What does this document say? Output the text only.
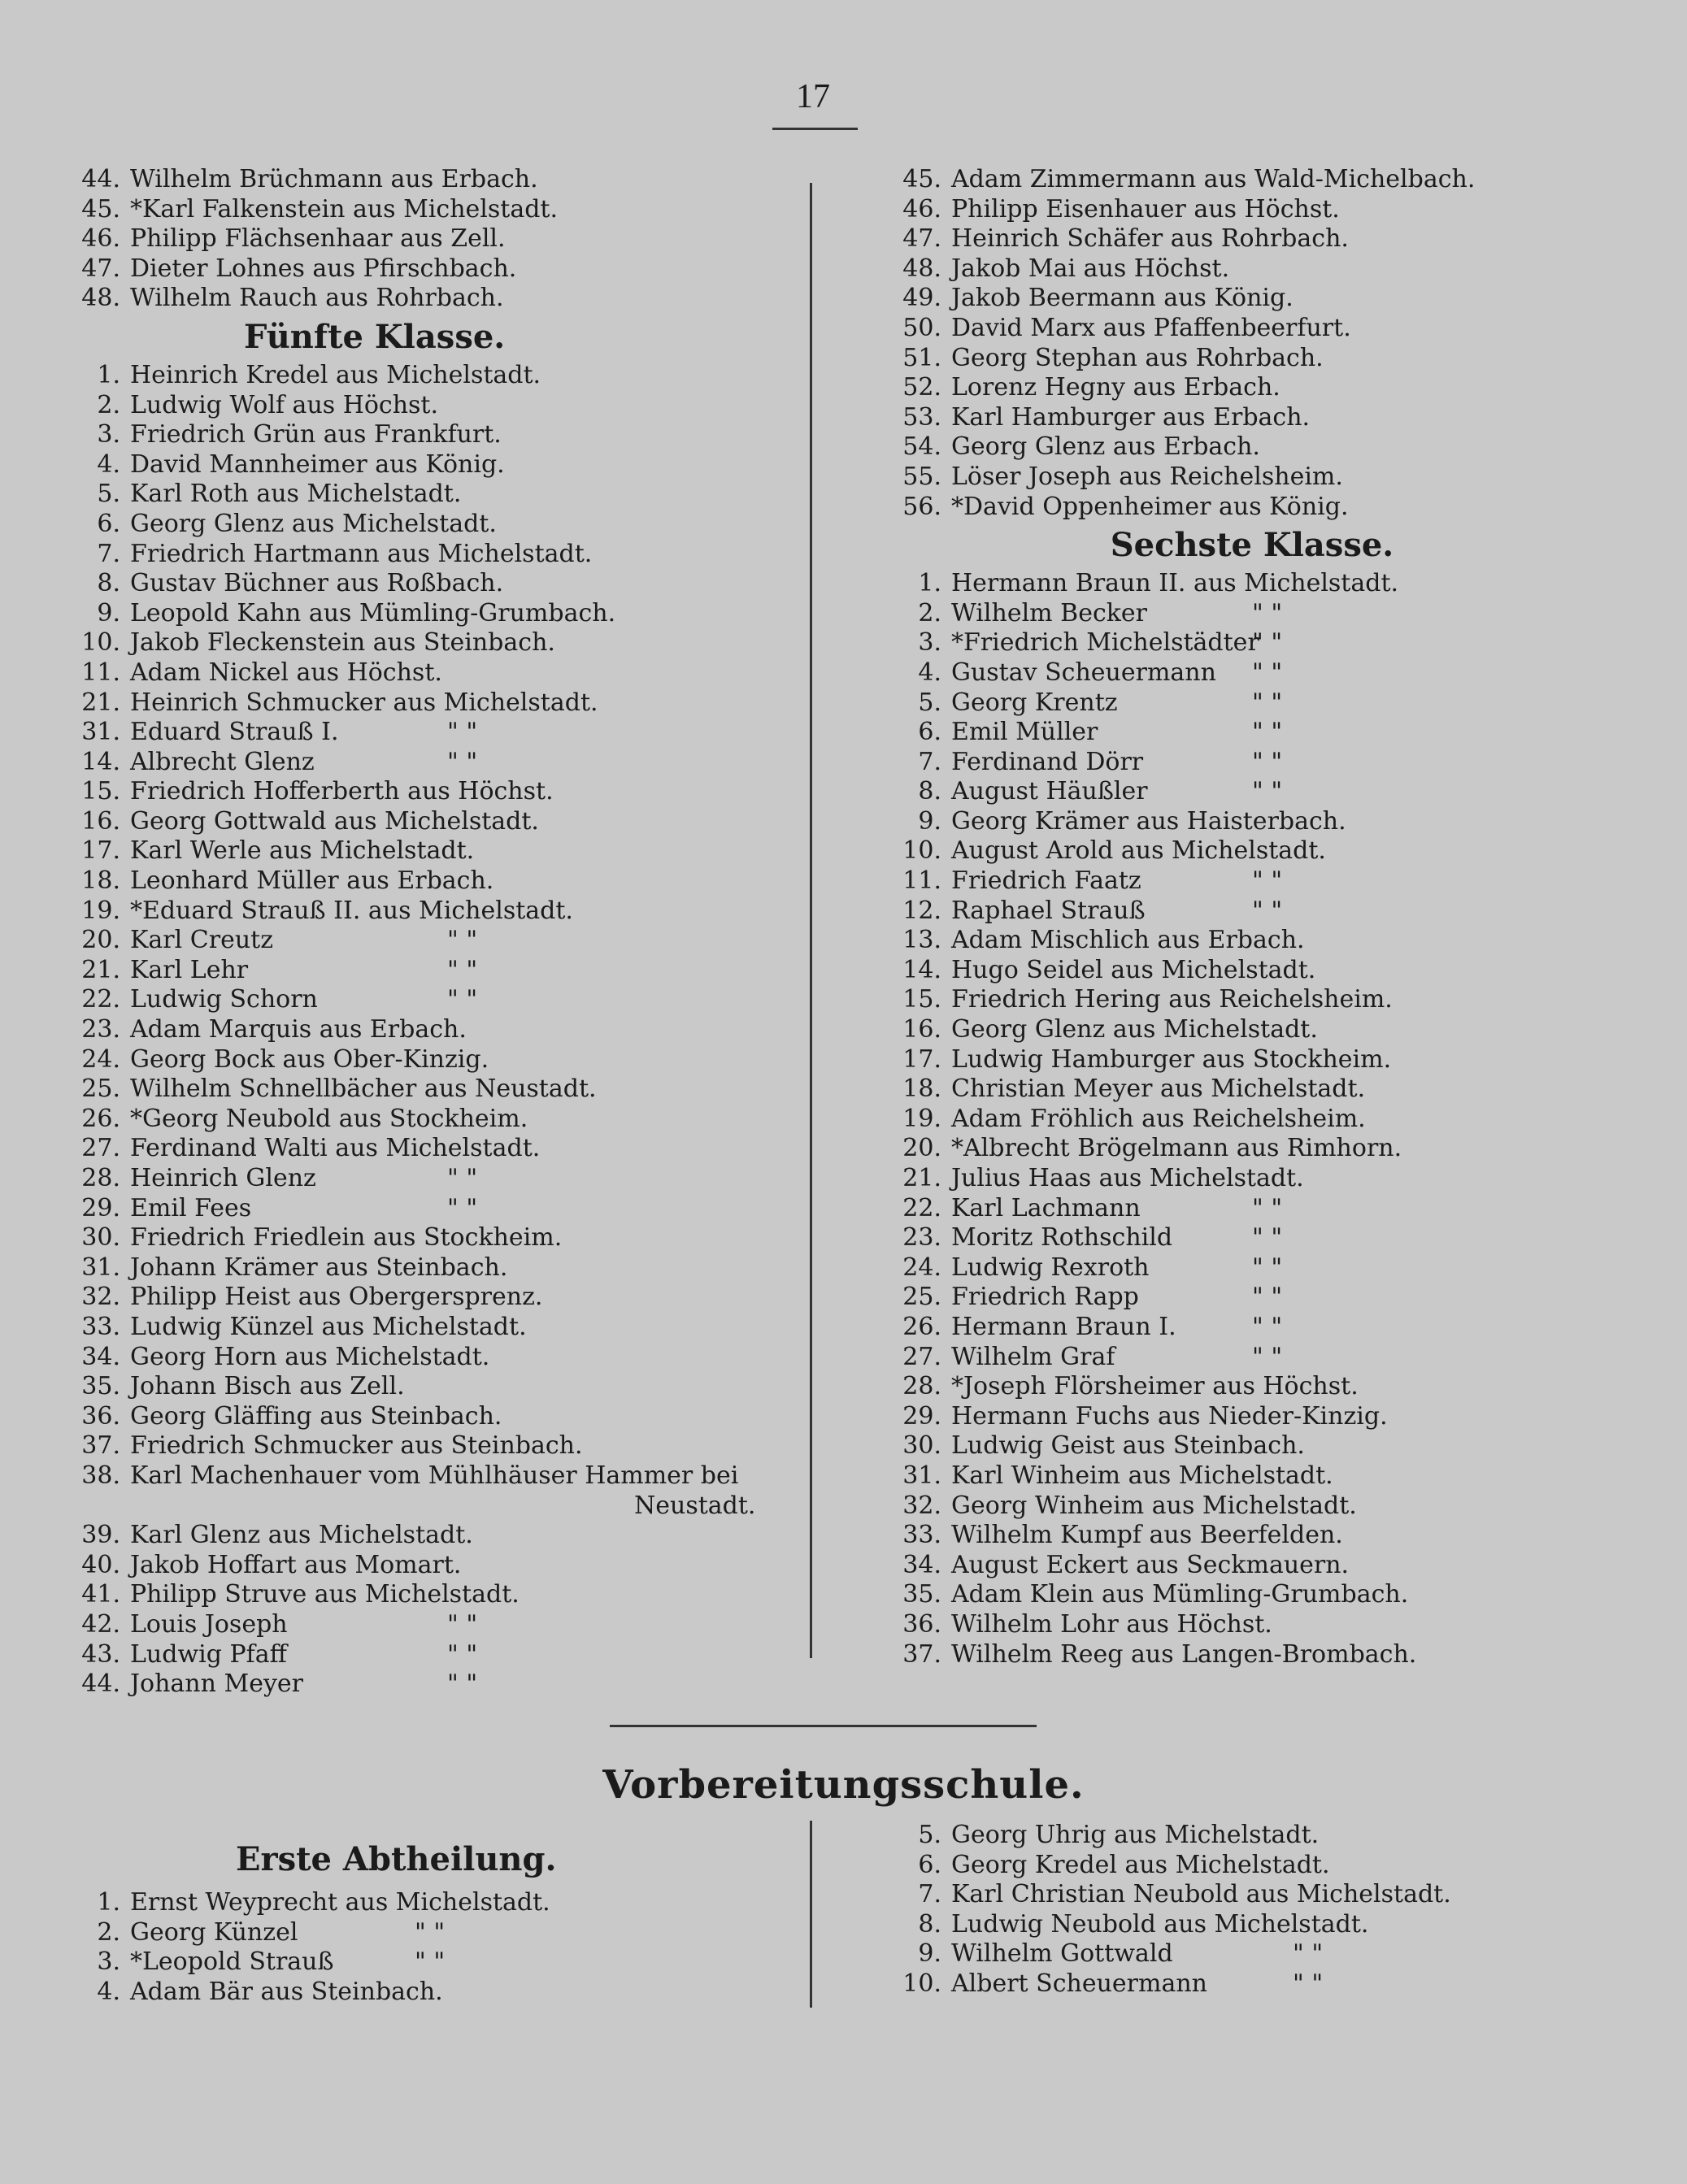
17
44. Wilhelm Brüchmann aus Erbach.
45. *Karl Falkenstein aus Michelstadt.
46. Philipp Flächsenhaar aus Zell.
47. Dieter Lohnes aus Pfirschbach.
48. Wilhelm Rauch aus Rohrbach.
Fünfte Klasse.
1. Heinrich Kredel aus Michelstadt.
2. Ludwig Wolf aus Höchst.
3. Friedrich Grün aus Frankfurt.
4. David Mannheimer aus König.
5. Karl Roth aus Michelstadt.
6. Georg Glenz aus Michelstadt.
7. Friedrich Hartmann aus Michelstadt.
8. Gustav Büchner aus Roßbach.
9. Leopold Kahn aus Mümling-Grumbach.
10. Jakob Fleckenstein aus Steinbach.
11. Adam Nickel aus Höchst.
21. Heinrich Schmucker aus Michelstadt.
31. Eduard Strauß I.	" "
14. Albrecht Glenz	" "
15. Friedrich Hofferberth aus Höchst.
16. Georg Gottwald aus Michelstadt.
17. Karl Werle aus Michelstadt.
18. Leonhard Müller aus Erbach.
19. *Eduard Strauß II. aus Michelstadt.
20. Karl Creutz	" "
21. Karl Lehr	" "
22. Ludwig Schorn	" "
23. Adam Marquis aus Erbach.
24. Georg Bock aus Ober-Kinzig.
25. Wilhelm Schnellbächer aus Neustadt.
26. *Georg Neubold aus Stockheim.
27. Ferdinand Walti aus Michelstadt.
28. Heinrich Glenz	" "
29. Emil Fees	" "
30. Friedrich Friedlein aus Stockheim.
31. Johann Krämer aus Steinbach.
32. Philipp Heist aus Obergersprenz.
33. Ludwig Künzel aus Michelstadt.
34. Georg Horn aus Michelstadt.
35. Johann Bisch aus Zell.
36. Georg Gläffing aus Steinbach.
37. Friedrich Schmucker aus Steinbach.
38. Karl Machenhauer vom Mühlhäuser Hammer bei
Neustadt.
39. Karl Glenz aus Michelstadt.
40. Jakob Hoffart aus Momart.
41. Philipp Struve aus Michelstadt.
42. Louis Joseph	" "
43. Ludwig Pfaff	" "
44. Johann Meyer	" "
45. Adam Zimmermann aus Wald-Michelbach.
46. Philipp Eisenhauer aus Höchst.
47. Heinrich Schäfer aus Rohrbach.
48. Jakob Mai aus Höchst.
49. Jakob Beermann aus König.
50. David Marx aus Pfaffenbeerfurt.
51. Georg Stephan aus Rohrbach.
52. Lorenz Hegny aus Erbach.
53. Karl Hamburger aus Erbach.
54. Georg Glenz aus Erbach.
55. Löser Joseph aus Reichelsheim.
56. *David Oppenheimer aus König.
Sechste Klasse.
1. Hermann Braun II. aus Michelstadt.
2. Wilhelm Becker	" "
3. *Friedrich Michelstädter
" "
4. Gustav Scheuermann " "
5. Georg Krentz	" "
6. Emil Müller	" "
7. Ferdinand Dörr	" "
8. August Häußler	" "
9. Georg Krämer aus Haisterbach.
10. August Arold aus Michelstadt.
11. Friedrich Faatz	" "
12. Raphael Strauß	" "
13. Adam Mischlich aus Erbach.
14. Hugo Seidel aus Michelstadt.
15. Friedrich Hering aus Reichelsheim.
16. Georg Glenz aus Michelstadt.
17. Ludwig Hamburger aus Stockheim.
18. Christian Meyer aus Michelstadt.
19. Adam Fröhlich aus Reichelsheim.
20. *Albrecht Brögelmann aus Rimhorn.
21. Julius Haas aus Michelstadt.
22. Karl Lachmann	" "
23. Moritz Rothschild	" "
24. Ludwig Rexroth	" "
25. Friedrich Rapp	" "
26. Hermann Braun I.	" "
27. Wilhelm Graf	" "
28. *Joseph Flörsheimer aus Höchst.
29. Hermann Fuchs aus Nieder-Kinzig.
30. Ludwig Geist aus Steinbach.
31. Karl Winheim aus Michelstadt.
32. Georg Winheim aus Michelstadt.
33. Wilhelm Kumpf aus Beerfelden.
34. August Eckert aus Seckmauern.
35. Adam Klein aus Mümling-Grumbach.
36. Wilhelm Lohr aus Höchst.
37. Wilhelm Reeg aus Langen-Brombach.
Vorbereitungsschule.
Erste Abtheilung.
1. Ernst Weyprecht aus Michelstadt.
2. Georg Künzel	" "
3. *Leopold Strauß	" "
4. Adam Bär aus Steinbach.
5. Georg Uhrig aus Michelstadt.
6. Georg Kredel aus Michelstadt.
7. Karl Christian Neubold aus Michelstadt.
8. Ludwig Neubold aus Michelstadt.
9. Wilhelm Gottwald	" "
10. Albert Scheuermann	" "
